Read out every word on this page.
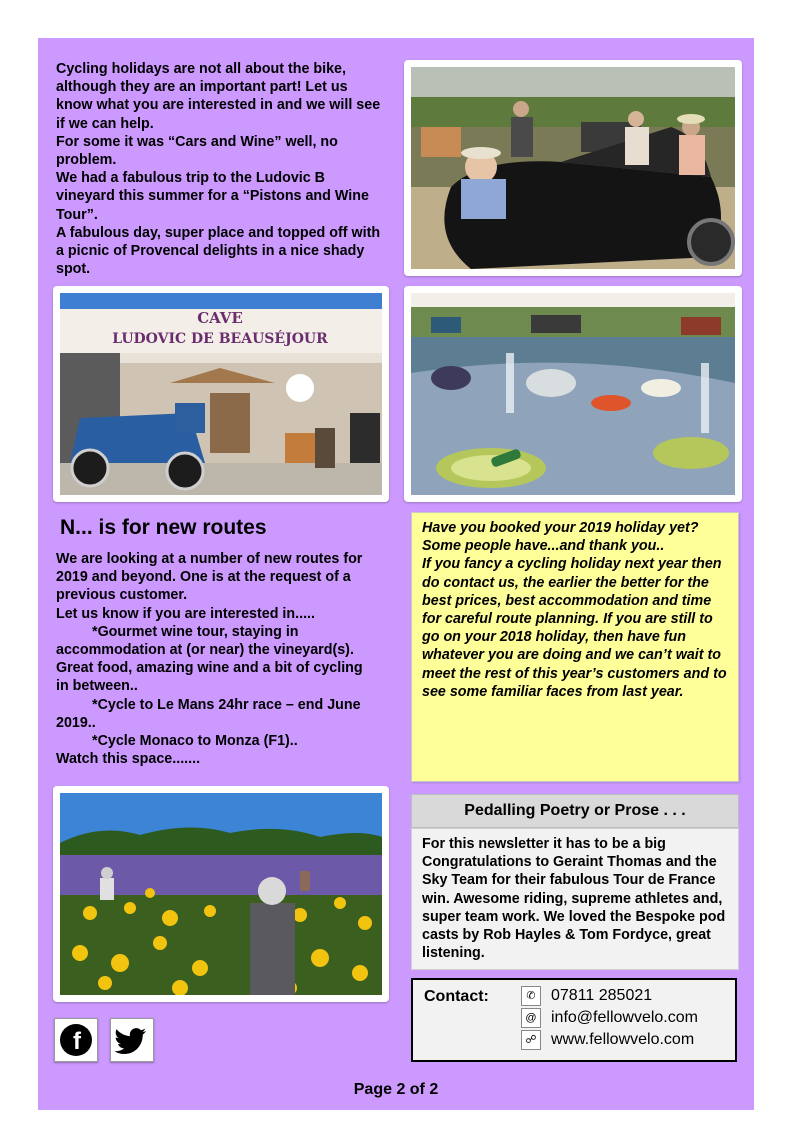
Cycling holidays are not all about the bike, although they are an important part! Let us know what you are interested in and we will see if we can help.

For some it was “Cars and Wine” well, no problem.

We had a fabulous trip to the Ludovic B vineyard this summer for a “Pistons and Wine Tour”.

A fabulous day, super place and topped off with a picnic of Provencal delights in a nice shady spot.

CAVE
LUDOVIC DE BEAUSÉJOUR
N... is for new routes

We are looking at a number of new routes for 2019 and beyond. One is at the request of a previous customer.

Let us know if you are interested in.....

*Gourmet wine tour, staying in accommodation at (or near) the vineyard(s). Great food, amazing wine and a bit of cycling in between..

*Cycle to Le Mans 24hr race – end June 2019..

*Cycle Monaco to Monza (F1)..

Watch this space.......

Have you booked your 2019 holiday yet? Some people have...and thank you..

If you fancy a cycling holiday next year then do contact us, the earlier the better for the best prices, best accommodation and time for careful route planning. If you are still to go on your 2018 holiday, then have fun whatever you are doing and we can’t wait to meet the rest of this year’s customers and to see some familiar faces from last year.

Pedalling Poetry or Prose . . .
For this newsletter it has to be a big Congratulations to Geraint Thomas and the Sky Team for their fabulous Tour de France win. Awesome riding, supreme athletes and, super team work. We loved the Bespoke pod casts by Rob Hayles & Tom Fordyce, great listening.
Contact:	✆ 07811 285021
@ info@fellowvelo.com
☍ www.fellowvelo.com
f
Page 2 of 2
